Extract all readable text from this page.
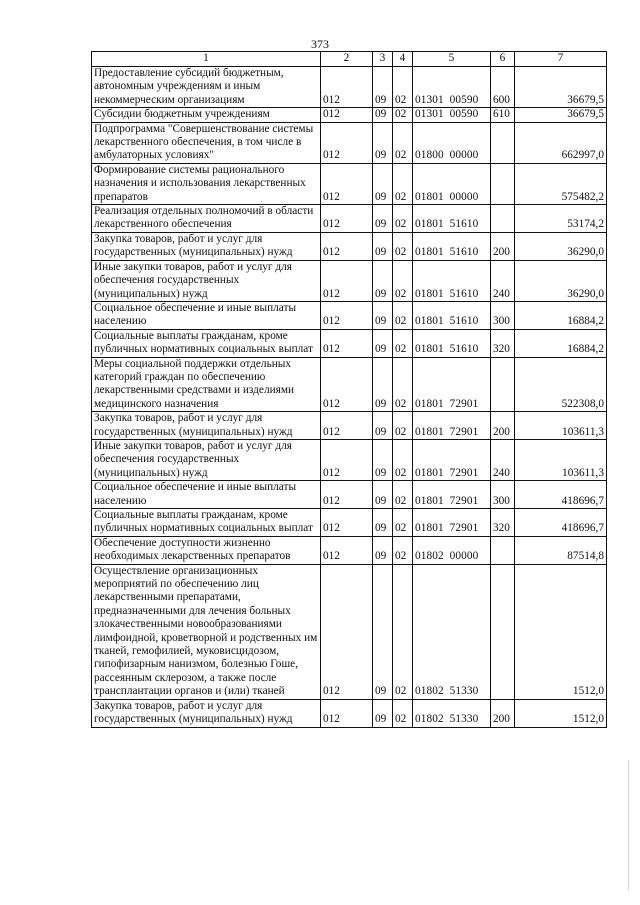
373
1	2	3	4	5	6	7
Предоставление субсидий бюджетным, автономным учреждениям и иным некоммерческим организациям	012	09	02	01301  00590	600	36679,5
Субсидии бюджетным учреждениям	012	09	02	01301  00590	610	36679,5
Подпрограмма "Совершенствование системы лекарственного обеспечения, в том числе в амбулаторных условиях"	012	09	02	01800  00000		662997,0
Формирование системы рационального назначения и использования лекарственных препаратов	012	09	02	01801  00000		575482,2
Реализация отдельных полномочий в области лекарственного обеспечения	012	09	02	01801  51610		53174,2
Закупка товаров, работ и услуг для государственных (муниципальных) нужд	012	09	02	01801  51610	200	36290,0
Иные закупки товаров, работ и услуг для обеспечения государственных (муниципальных) нужд	012	09	02	01801  51610	240	36290,0
Социальное обеспечение и иные выплаты населению	012	09	02	01801  51610	300	16884,2
Социальные выплаты гражданам, кроме публичных нормативных социальных выплат	012	09	02	01801  51610	320	16884,2
Меры социальной поддержки отдельных категорий граждан по обеспечению лекарственными средствами и изделиями медицинского назначения	012	09	02	01801  72901		522308,0
Закупка товаров, работ и услуг для государственных (муниципальных) нужд	012	09	02	01801  72901	200	103611,3
Иные закупки товаров, работ и услуг для обеспечения государственных (муниципальных) нужд	012	09	02	01801  72901	240	103611,3
Социальное обеспечение и иные выплаты населению	012	09	02	01801  72901	300	418696,7
Социальные выплаты гражданам, кроме публичных нормативных социальных выплат	012	09	02	01801  72901	320	418696,7
Обеспечение доступности жизненно необходимых лекарственных препаратов	012	09	02	01802  00000		87514,8
Осуществление организационных мероприятий по обеспечению лиц лекарственными препаратами, предназначенными для лечения больных злокачественными новообразованиями лимфоидной, кроветворной и родственных им тканей, гемофилией, муковисцидозом, гипофизарным нанизмом, болезнью Гоше, рассеянным склерозом, а также после трансплантации органов и (или) тканей	012	09	02	01802  51330		1512,0
Закупка товаров, работ и услуг для государственных (муниципальных) нужд	012	09	02	01802  51330	200	1512,0
